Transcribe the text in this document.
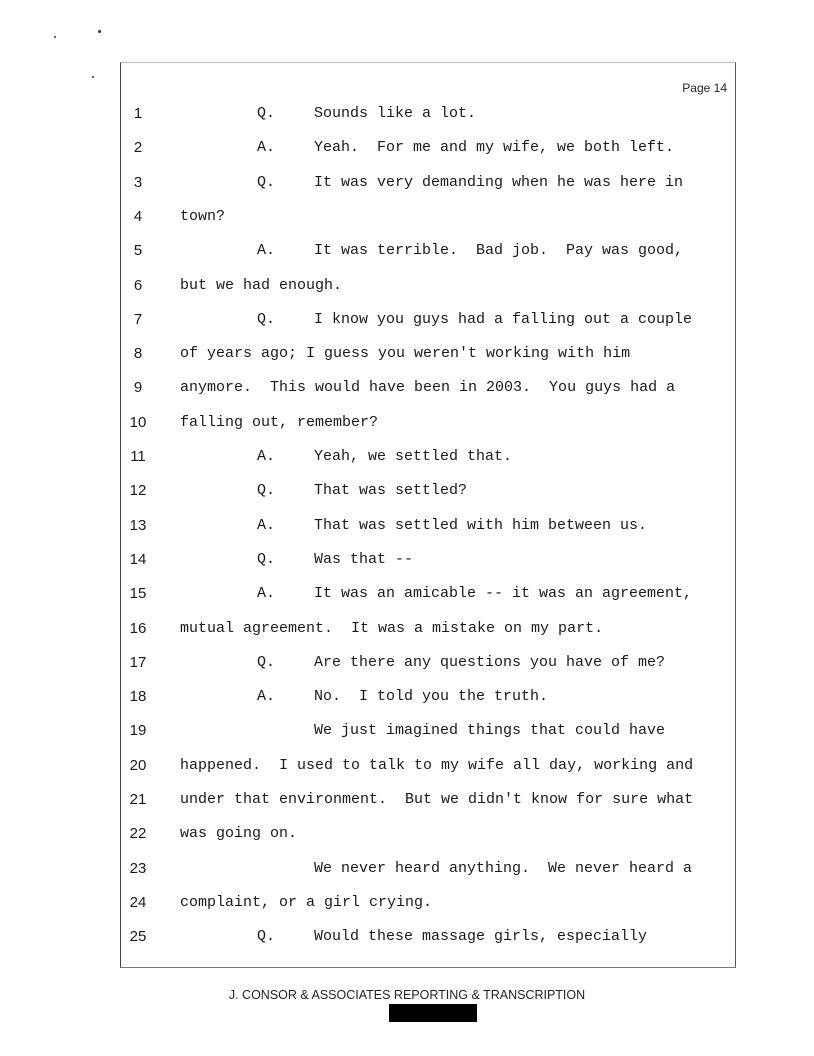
Page 14
1	Q.	Sounds like a lot.
2	A.	Yeah.  For me and my wife, we both left.
3	Q.	It was very demanding when he was here in
4	town?
5	A.	It was terrible.  Bad job.  Pay was good,
6	but we had enough.
7	Q.	I know you guys had a falling out a couple
8	of years ago; I guess you weren't working with him
9	anymore.  This would have been in 2003.  You guys had a
10	falling out, remember?
11	A.	Yeah, we settled that.
12	Q.	That was settled?
13	A.	That was settled with him between us.
14	Q.	Was that --
15	A.	It was an amicable -- it was an agreement,
16	mutual agreement.  It was a mistake on my part.
17	Q.	Are there any questions you have of me?
18	A.	No.  I told you the truth.
19	We just imagined things that could have
20	happened.  I used to talk to my wife all day, working and
21	under that environment.  But we didn't know for sure what
22	was going on.
23	We never heard anything.  We never heard a
24	complaint, or a girl crying.
25	Q.	Would these massage girls, especially
J. CONSOR & ASSOCIATES REPORTING & TRANSCRIPTION
